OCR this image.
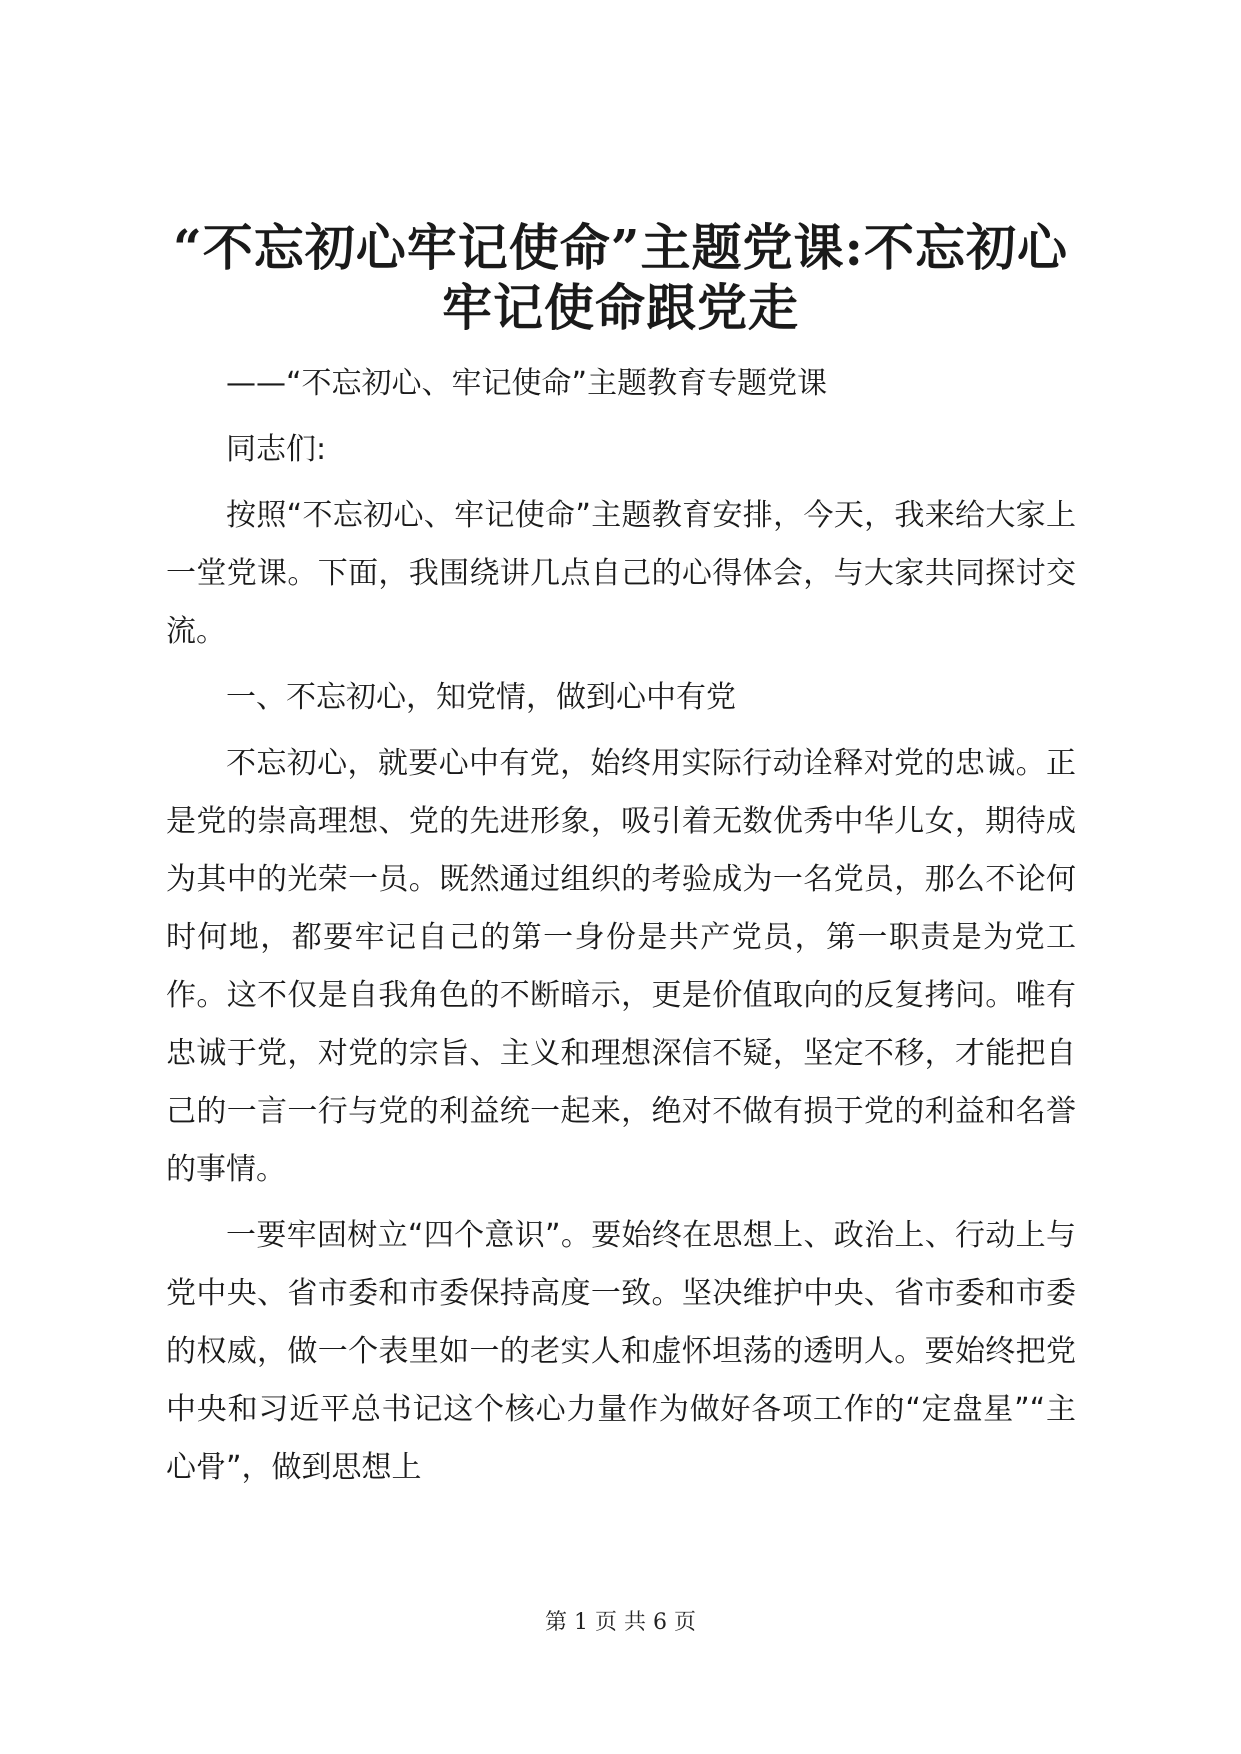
“不忘初心牢记使命”主题党课:不忘初心牢记使命跟党走

——“不忘初心、牢记使命”主题教育专题党课

同志们:

按照“不忘初心、牢记使命”主题教育安排，今天，我来给大家上一堂党课。下面，我围绕讲几点自己的心得体会，与大家共同探讨交流。

一、不忘初心，知党情，做到心中有党

不忘初心，就要心中有党，始终用实际行动诠释对党的忠诚。正是党的崇高理想、党的先进形象，吸引着无数优秀中华儿女，期待成为其中的光荣一员。既然通过组织的考验成为一名党员，那么不论何时何地，都要牢记自己的第一身份是共产党员，第一职责是为党工作。这不仅是自我角色的不断暗示，更是价值取向的反复拷问。唯有忠诚于党，对党的宗旨、主义和理想深信不疑，坚定不移，才能把自己的一言一行与党的利益统一起来，绝对不做有损于党的利益和名誉的事情。

一要牢固树立“四个意识”。要始终在思想上、政治上、行动上与党中央、省市委和市委保持高度一致。坚决维护中央、省市委和市委的权威，做一个表里如一的老实人和虚怀坦荡的透明人。要始终把党中央和习近平总书记这个核心力量作为做好各项工作的“定盘星”“主心骨”，做到思想上

第 1 页 共 6 页
